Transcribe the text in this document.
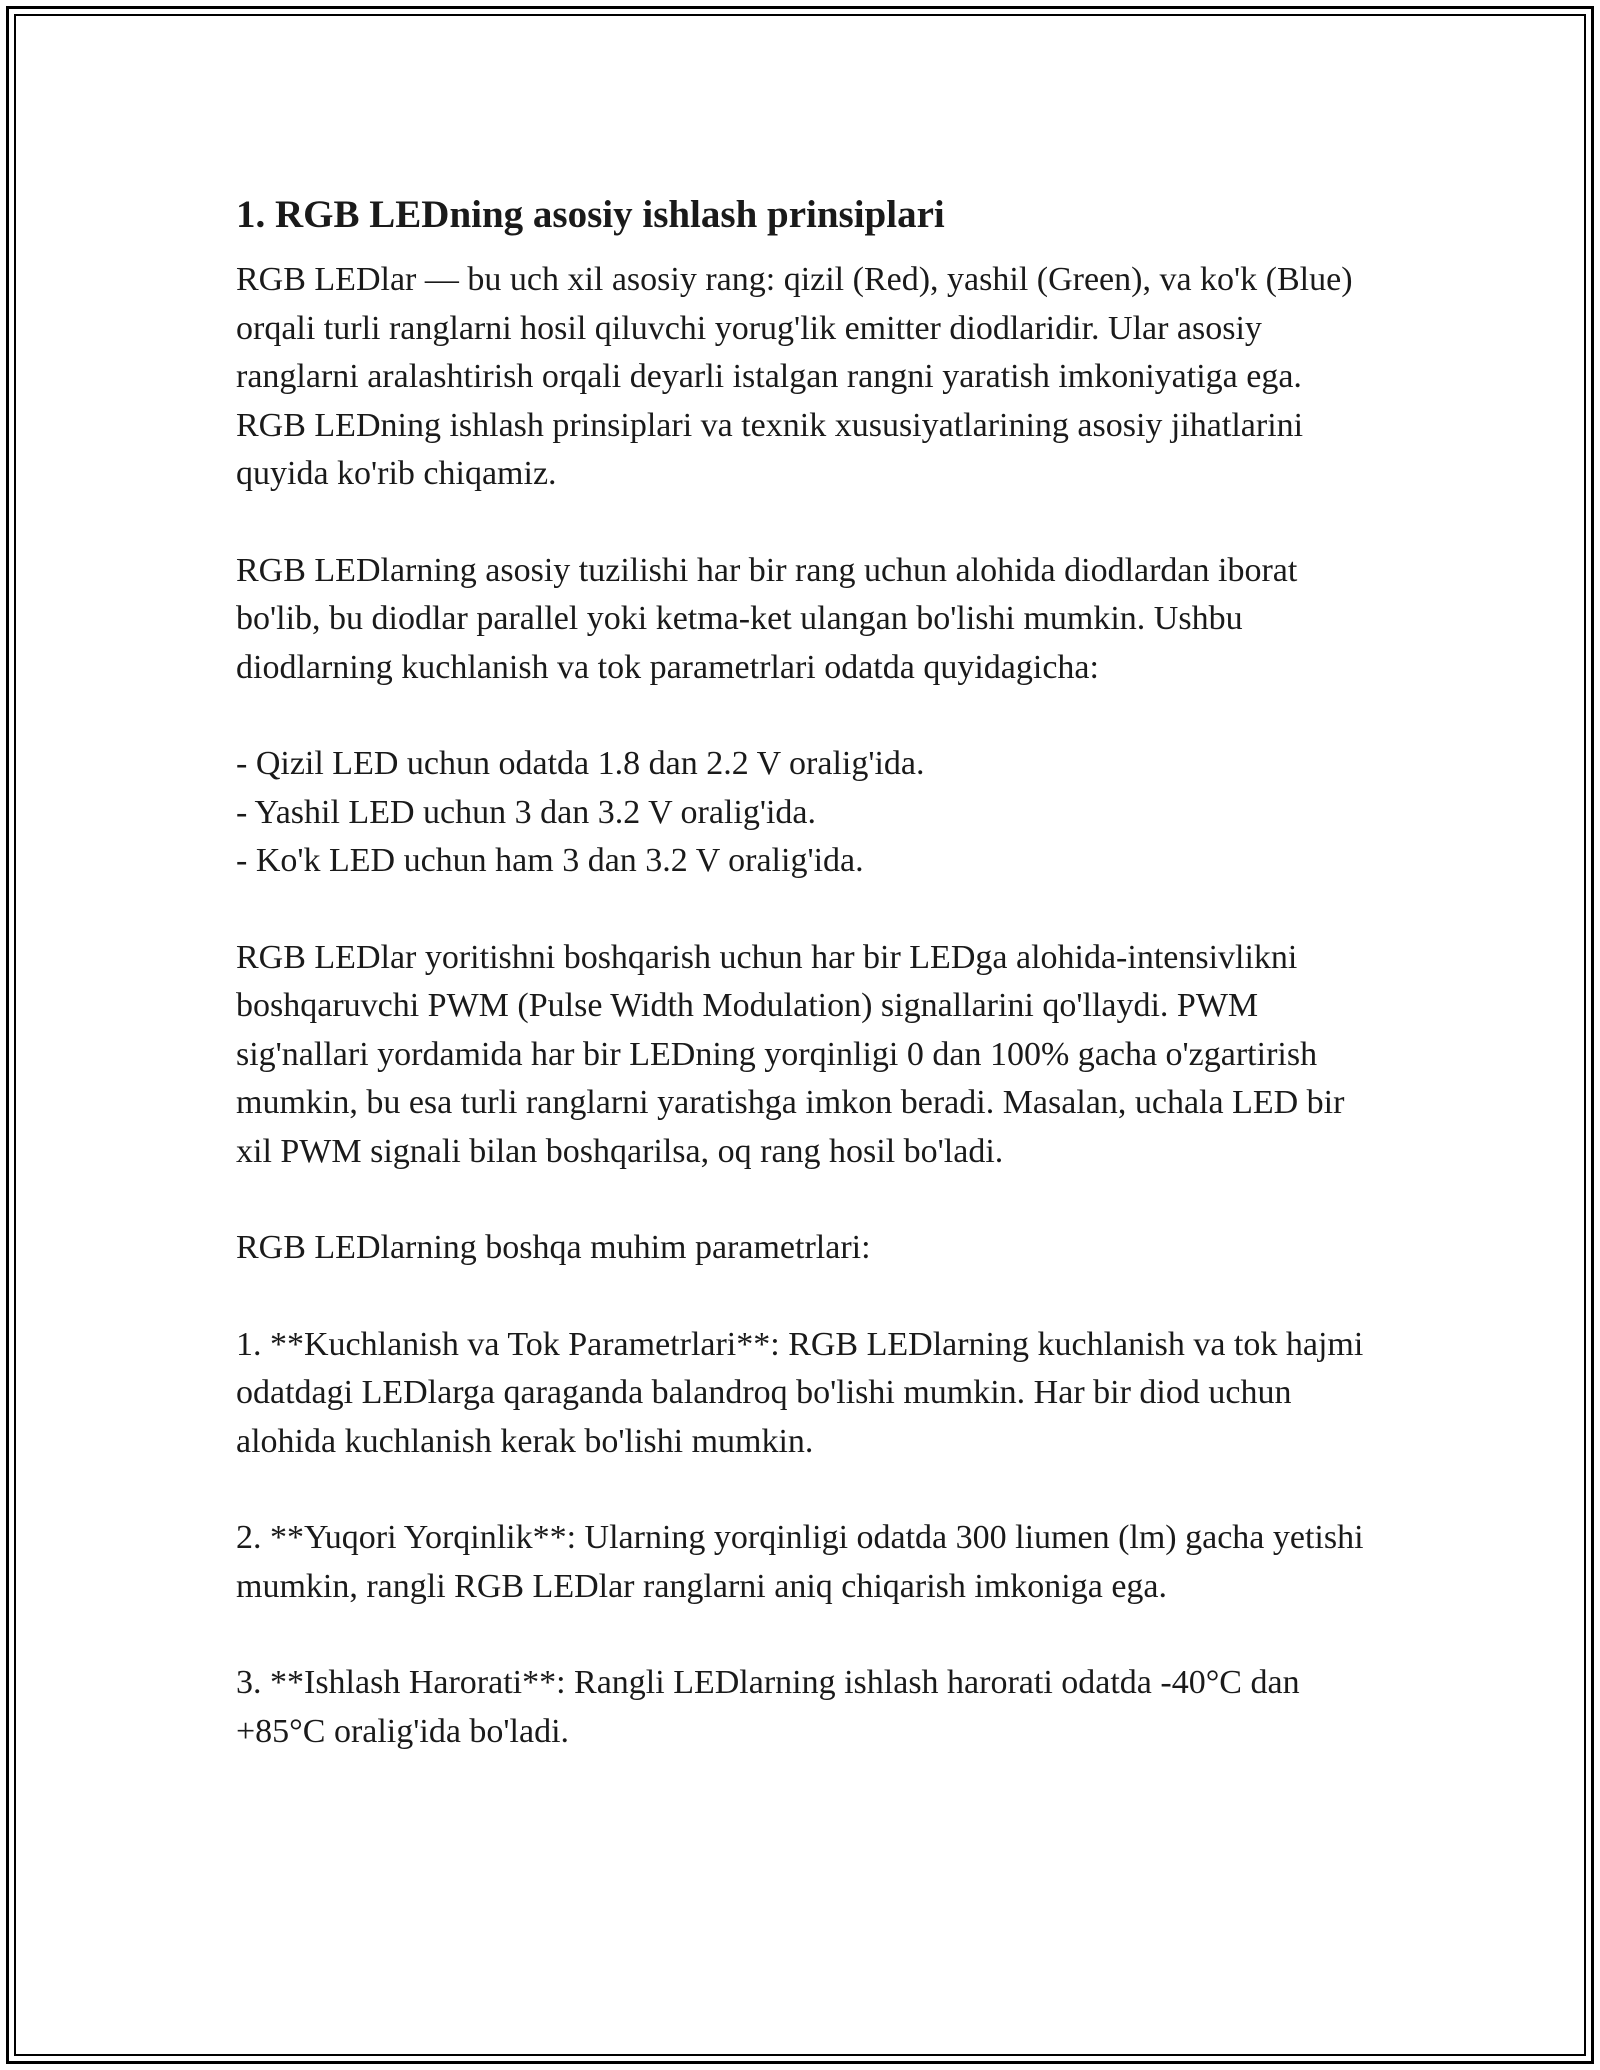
1. RGB LEDning asosiy ishlash prinsiplari

RGB LEDlar — bu uch xil asosiy rang: qizil (Red), yashil (Green), va ko'k (Blue) orqali turli ranglarni hosil qiluvchi yorug'lik emitter diodlaridir. Ular asosiy ranglarni aralashtirish orqali deyarli istalgan rangni yaratish imkoniyatiga ega. RGB LEDning ishlash prinsiplari va texnik xususiyatlarining asosiy jihatlarini quyida ko'rib chiqamiz.

RGB LEDlarning asosiy tuzilishi har bir rang uchun alohida diodlardan iborat bo'lib, bu diodlar parallel yoki ketma-ket ulangan bo'lishi mumkin. Ushbu diodlarning kuchlanish va tok parametrlari odatda quyidagicha:

- Qizil LED uchun odatda 1.8 dan 2.2 V oralig'ida.

- Yashil LED uchun 3 dan 3.2 V oralig'ida.

- Ko'k LED uchun ham 3 dan 3.2 V oralig'ida.

RGB LEDlar yoritishni boshqarish uchun har bir LEDga alohida-intensivlikni boshqaruvchi PWM (Pulse Width Modulation) signallarini qo'llaydi. PWM sig'nallari yordamida har bir LEDning yorqinligi 0 dan 100% gacha o'zgartirish mumkin, bu esa turli ranglarni yaratishga imkon beradi. Masalan, uchala LED bir xil PWM signali bilan boshqarilsa, oq rang hosil bo'ladi.

RGB LEDlarning boshqa muhim parametrlari:

1. **Kuchlanish va Tok Parametrlari**: RGB LEDlarning kuchlanish va tok hajmi odatdagi LEDlarga qaraganda balandroq bo'lishi mumkin. Har bir diod uchun alohida kuchlanish kerak bo'lishi mumkin.

2. **Yuqori Yorqinlik**: Ularning yorqinligi odatda 300 liumen (lm) gacha yetishi mumkin, rangli RGB LEDlar ranglarni aniq chiqarish imkoniga ega.

3. **Ishlash Harorati**: Rangli LEDlarning ishlash harorati odatda -40°C dan +85°C oralig'ida bo'ladi.
